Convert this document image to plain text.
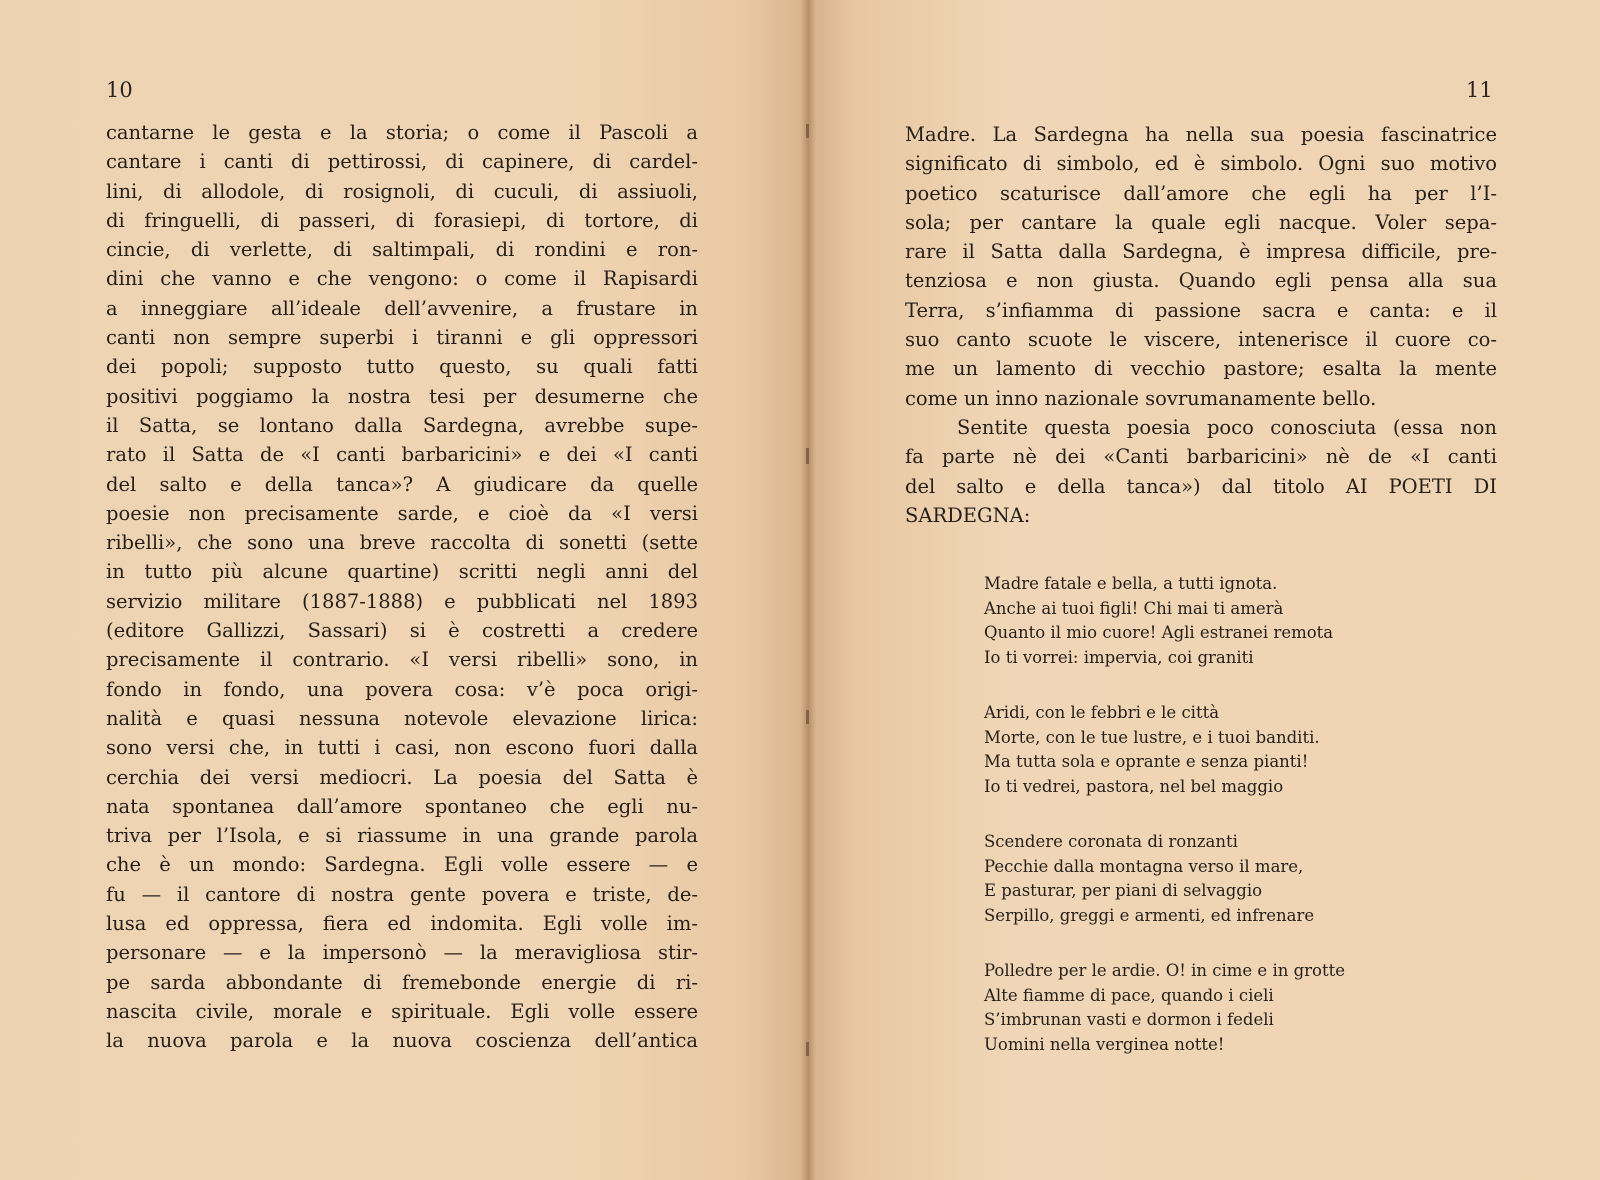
10
cantarne le gesta e la storia; o come il Pascoli a
cantare i canti di pettirossi, di capinere, di cardel-
lini, di allodole, di rosignoli, di cuculi, di assiuoli,
di fringuelli, di passeri, di forasiepi, di tortore, di
cincie, di verlette, di saltimpali, di rondini e ron-
dini che vanno e che vengono: o come il Rapisardi
a inneggiare all’ideale dell’avvenire, a frustare in
canti non sempre superbi i tiranni e gli oppressori
dei popoli; supposto tutto questo, su quali fatti
positivi poggiamo la nostra tesi per desumerne che
il Satta, se lontano dalla Sardegna, avrebbe supe-
rato il Satta de «I canti barbaricini» e dei «I canti
del salto e della tanca»? A giudicare da quelle
poesie non precisamente sarde, e cioè da «I versi
ribelli», che sono una breve raccolta di sonetti (sette
in tutto più alcune quartine) scritti negli anni del
servizio militare (1887-1888) e pubblicati nel 1893
(editore Gallizzi, Sassari) si è costretti a credere
precisamente il contrario. «I versi ribelli» sono, in
fondo in fondo, una povera cosa: v’è poca origi-
nalità e quasi nessuna notevole elevazione lirica:
sono versi che, in tutti i casi, non escono fuori dalla
cerchia dei versi mediocri. La poesia del Satta è
nata spontanea dall’amore spontaneo che egli nu-
triva per l’Isola, e si riassume in una grande parola
che è un mondo: Sardegna. Egli volle essere — e
fu — il cantore di nostra gente povera e triste, de-
lusa ed oppressa, fiera ed indomita. Egli volle im-
personare — e la impersonò — la meravigliosa stir-
pe sarda abbondante di fremebonde energie di ri-
nascita civile, morale e spirituale. Egli volle essere
la nuova parola e la nuova coscienza dell’antica
11
Madre. La Sardegna ha nella sua poesia fascinatrice
significato di simbolo, ed è simbolo. Ogni suo motivo
poetico scaturisce dall’amore che egli ha per l’I-
sola; per cantare la quale egli nacque. Voler sepa-
rare il Satta dalla Sardegna, è impresa difficile, pre-
tenziosa e non giusta. Quando egli pensa alla sua
Terra, s’infiamma di passione sacra e canta: e il
suo canto scuote le viscere, intenerisce il cuore co-
me un lamento di vecchio pastore; esalta la mente
come un inno nazionale sovrumanamente bello.
Sentite questa poesia poco conosciuta (essa non
fa parte nè dei «Canti barbaricini» nè de «I canti
del salto e della tanca») dal titolo AI POETI DI
SARDEGNA:
Madre fatale e bella, a tutti ignota.
Anche ai tuoi figli! Chi mai ti amerà
Quanto il mio cuore! Agli estranei remota
Io ti vorrei: impervia, coi graniti
Aridi, con le febbri e le città
Morte, con le tue lustre, e i tuoi banditi.
Ma tutta sola e oprante e senza pianti!
Io ti vedrei, pastora, nel bel maggio
Scendere coronata di ronzanti
Pecchie dalla montagna verso il mare,
E pasturar, per piani di selvaggio
Serpillo, greggi e armenti, ed infrenare
Polledre per le ardie. O! in cime e in grotte
Alte fiamme di pace, quando i cieli
S’imbrunan vasti e dormon i fedeli
Uomini nella verginea notte!
